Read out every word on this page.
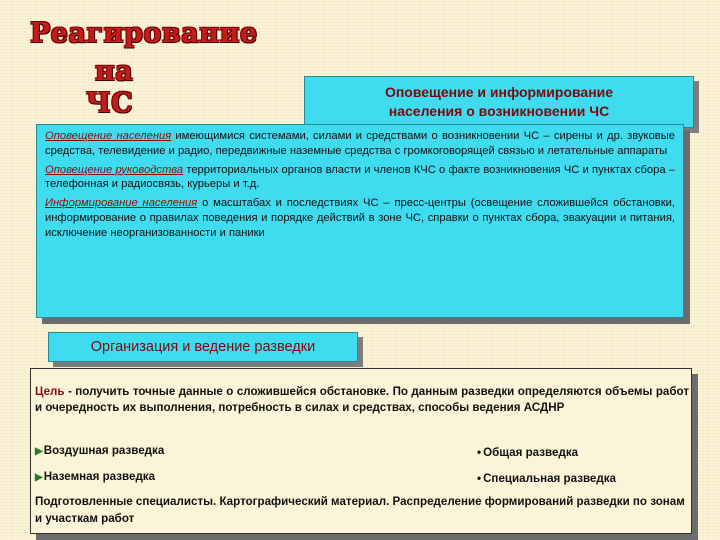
Реагирование
на
ЧС	Оповещение и информирование
населения о возникновении ЧС

Оповещение населения имеющимися системами, силами и средствами о возникновении ЧС – сирены и др. звуковые средства, телевидение и радио, передвижные наземные средства с громкоговорящей связью и летательные аппараты

Оповещение руководства территориальных органов власти и членов КЧС о факте возникновения ЧС и пунктах сбора – телефонная и радиосвязь, курьеры и т.д.

Информирование населения о масштабах и последствиях ЧС – пресс-центры (освещение сложившейся обстановки, информирование о правилах поведения и порядке действий в зоне ЧС, справки о пунктах сбора, эвакуации и питания, исключение неорганизованности и паники

Организация и ведение разведки
Цель - получить точные данные о сложившейся обстановке. По данным разведки определяются объемы работ и очередность их выполнения, потребность в силах и средствах, способы ведения АСДНР
▶Воздушная разведка
▶Наземная разведка
• Общая разведка
• Специальная разведка
Подготовленные специалисты. Картографический материал. Распределение формирований разведки по зонам и участкам работ
